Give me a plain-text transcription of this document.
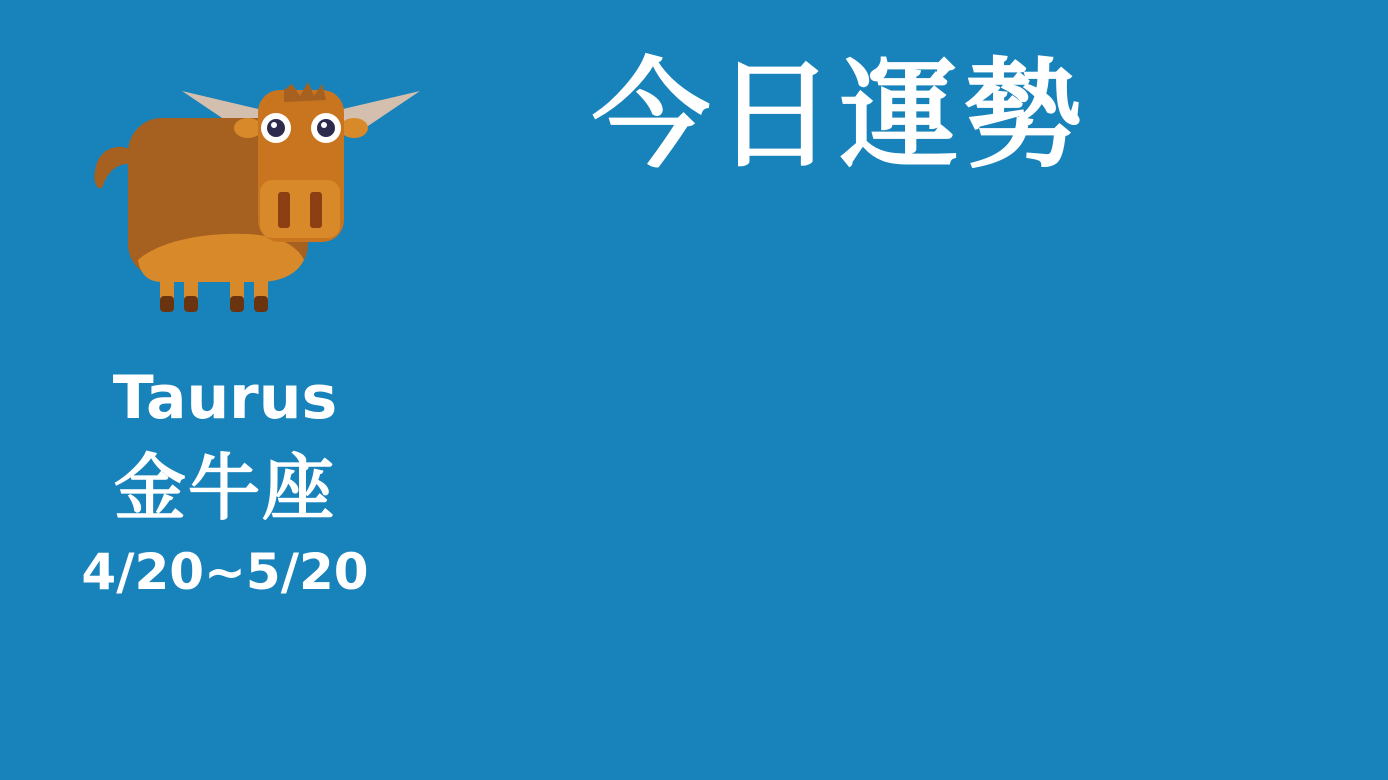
今日運勢
Taurus
金牛座
4/20~5/20
